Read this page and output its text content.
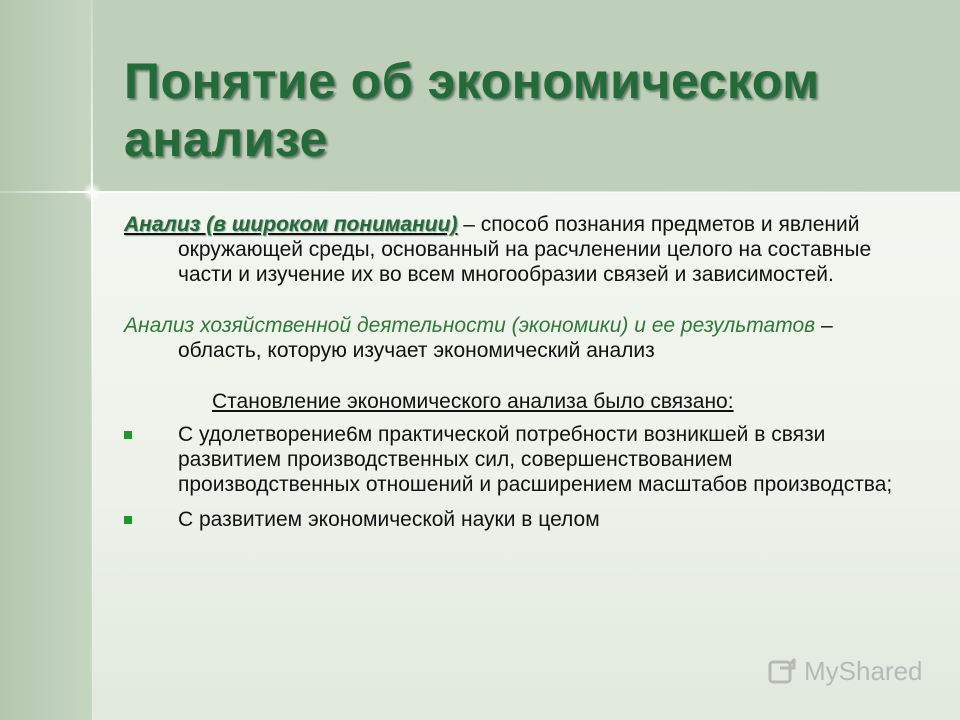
Понятие об экономическом анализе

Анализ (в широком понимании) – способ познания предметов и явлений окружающей среды, основанный на расчленении целого на составные части и изучение их во всем многообразии связей и зависимостей.

Анализ хозяйственной деятельности (экономики) и ее результатов – область, которую изучает экономический анализ

Становление экономического анализа было связано:

С удолетворение6м практической потребности возникшей в связи развитием производственных сил, совершенствованием производственных отношений и расширением масштабов производства;
С развитием экономической науки в целом
MyShared
